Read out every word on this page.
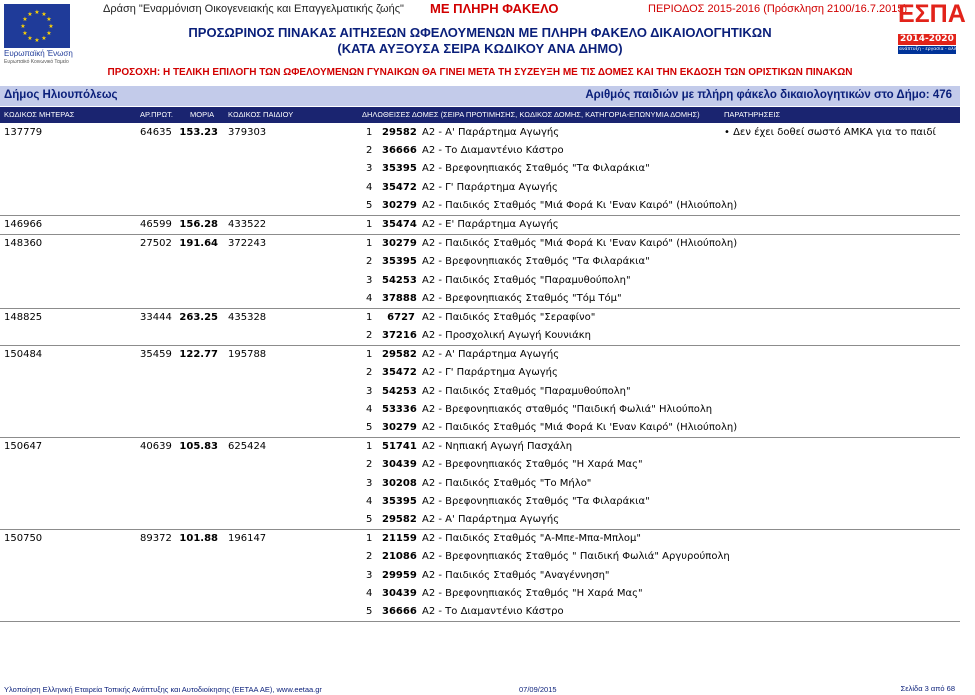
★ ★
★
★
★
★
★
★
★
★
★
★
Ευρωπαϊκή Ένωση
Ευρωπαϊκό Κοινωνικό Ταμείο
Δράση "Εναρμόνιση Οικογενειακής και Επαγγελματικής ζωής" ΜΕ ΠΛΗΡΗ ΦΑΚΕΛΟ	ΠΕΡΙΟΔΟΣ 2015-2016 (Πρόσκληση 2100/16.7.2015)
ΕΣΠΑ
2014-2020
ανάπτυξη - εργασία - αλληλεγγύη
ΠΡΟΣΩΡΙΝΟΣ ΠΙΝΑΚΑΣ ΑΙΤΗΣΕΩΝ ΩΦΕΛΟΥΜΕΝΩΝ ΜΕ ΠΛΗΡΗ ΦΑΚΕΛΟ ΔΙΚΑΙΟΛΟΓΗΤΙΚΩΝ
(ΚΑΤΑ ΑΥΞΟΥΣΑ ΣΕΙΡΑ ΚΩΔΙΚΟΥ ΑΝΑ ΔΗΜΟ)
ΠΡΟΣΟΧΗ: Η ΤΕΛΙΚΗ ΕΠΙΛΟΓΗ ΤΩΝ ΩΦΕΛΟΥΜΕΝΩΝ ΓΥΝΑΙΚΩΝ ΘΑ ΓΙΝΕΙ ΜΕΤΑ ΤΗ ΣΥΖΕΥΞΗ ΜΕ ΤΙΣ ΔΟΜΕΣ ΚΑΙ ΤΗΝ ΕΚΔΟΣΗ ΤΩΝ ΟΡΙΣΤΙΚΩΝ ΠΙΝΑΚΩΝ
Δήμος Ηλιουπόλεως	Αριθμός παιδιών με πλήρη φάκελο δικαιολογητικών στο Δήμο: 476
ΚΩΔΙΚΟΣ ΜΗΤΕΡΑΣ	ΑΡ.ΠΡΩΤ. ΜΟΡΙΑ ΚΩΔΙΚΟΣ ΠΑΙΔΙΟΥ	ΔΗΛΩΘΕΙΣΕΣ ΔΟΜΕΣ (ΣΕΙΡΑ ΠΡΟΤΙΜΗΣΗΣ, ΚΩΔΙΚΟΣ ΔΟΜΗΣ, ΚΑΤΗΓΟΡΙΑ-ΕΠΩΝΥΜΙΑ ΔΟΜΗΣ)	ΠΑΡΑΤΗΡΗΣΕΙΣ
137779	64635 153.23 379303	• Δεν έχει δοθεί σωστό ΑΜΚΑ για το παιδί
1 29582 Α2 - Α' Παράρτημα Αγωγής
2 36666 Α2 - Το Διαμαντένιο Κάστρο
3 35395 Α2 - Βρεφονηπιακός Σταθμός "Τα Φιλαράκια"
4 35472 Α2 - Γ' Παράρτημα Αγωγής
5 30279 Α2 - Παιδικός Σταθμός "Μιά Φορά Κι 'Εναν Καιρό" (Ηλιούπολη)
146966	46599 156.28 433522	1 35474 Α2 - Ε' Παράρτημα Αγωγής
148360	27502 191.64 372243	1 30279 Α2 - Παιδικός Σταθμός "Μιά Φορά Κι 'Εναν Καιρό" (Ηλιούπολη)
2 35395 Α2 - Βρεφονηπιακός Σταθμός "Τα Φιλαράκια"
3 54253 Α2 - Παιδικός Σταθμός "Παραμυθούπολη"
4 37888 Α2 - Βρεφονηπιακός Σταθμός "Τόμ Τόμ"
148825	33444 263.25 435328	1	6727 Α2 - Παιδικός Σταθμός "Σεραφίνο"
2 37216 Α2 - Προσχολική Αγωγή Κουνιάκη
150484	35459 122.77 195788	1 29582 Α2 - Α' Παράρτημα Αγωγής
2 35472 Α2 - Γ' Παράρτημα Αγωγής
3 54253 Α2 - Παιδικός Σταθμός "Παραμυθούπολη"
4 53336 Α2 - Βρεφονηπιακός σταθμός "Παιδική Φωλιά" Ηλιούπολη
5 30279 Α2 - Παιδικός Σταθμός "Μιά Φορά Κι 'Εναν Καιρό" (Ηλιούπολη)
150647	40639 105.83 625424	1 51741 Α2 - Νηπιακή Αγωγή Πασχάλη
2 30439 Α2 - Βρεφονηπιακός Σταθμός "Η Χαρά Μας"
3 30208 Α2 - Παιδικός Σταθμός "Το Μήλο"
4 35395 Α2 - Βρεφονηπιακός Σταθμός "Τα Φιλαράκια"
5 29582 Α2 - Α' Παράρτημα Αγωγής
150750	89372 101.88 196147	1 21159 Α2 - Παιδικός Σταθμός "Α-Μπε-Μπα-Μπλομ"
2 21086 Α2 - Βρεφονηπιακός Σταθμός " Παιδική Φωλιά" Αργυρούπολη
3 29959 Α2 - Παιδικός Σταθμός "Αναγέννηση"
4 30439 Α2 - Βρεφονηπιακός Σταθμός "Η Χαρά Μας"
5 36666 Α2 - Το Διαμαντένιο Κάστρο
Υλοποίηση Ελληνική Εταιρεία Τοπικής Ανάπτυξης και Αυτοδιοίκησης (ΕΕΤΑΑ ΑΕ), www.eetaa.gr	07/09/2015	Σελίδα 3 από 68
